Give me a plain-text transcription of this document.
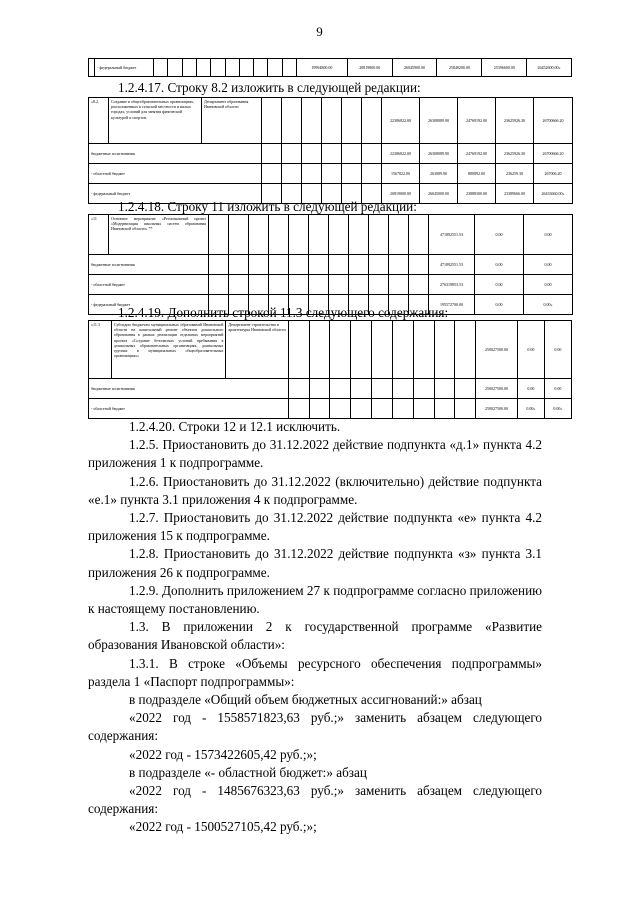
9
	- федеральный бюджет											19994800.00	20819800.00	26045900.00	25848200.00	25396600.00	26452600.00»
1.2.4.17. Строку 8.2 изложить в следующей редакции:
«8.2.	Создание в общеобразовательных организациях, расположенных в сельской местности и малых городах, условий для занятия физической культурой и спортом	Департамент образования Ивановской области							22386822.00	26308089.90	24769192.00	23625926.30	26700666.20
бюджетные ассигнования									22386822.00	26308089.90	24769192.00	23625926.30	26700666.20
- областной бюджет									1567822.00	263089.90	880892.00	236259.30	267006.20
- федеральный бюджет									20819000.00	26045000.00	23888300.00	23389666.00	26433660.00»
1.2.4.18. Строку 11 изложить в следующей редакции:
«11	Основное мероприятие «Региональный проект «Модернизация школьных систем образования Ивановской области» **												471892551.53	0.00	0.00
бюджетные ассигнования													471892551.53	0.00	0.00
- областной бюджет													276319853.53	0.00	0.00
- федеральный бюджет													195572700.00	0.00	0.00»
1.2.4.19. Дополнить строкой 11.3 следующего содержания:
«11.3	Субсидии бюджетам муниципальных образований Ивановской области на капитальный ремонт объектов дошкольного образования в рамках реализации отдельных мероприятий проекта «Создание безопасных условий пребывания в дошкольных образовательных организациях, дошкольных группах в муниципальных общеобразовательных организациях»	Департамент строительства и архитектуры Ивановской области										250027500.00	0.00	0.00
бюджетные ассигнования												250027500.00	0.00	0.00
- областной бюджет												250027500.00	0.00»	0.00»

1.2.4.20. Строки 12 и 12.1 исключить.

1.2.5. Приостановить до 31.12.2022 действие подпункта «д.1» пункта 4.2 приложения 1 к подпрограмме.

1.2.6. Приостановить до 31.12.2022 (включительно) действие подпункта «е.1» пункта 3.1 приложения 4 к подпрограмме.

1.2.7. Приостановить до 31.12.2022 действие подпункта «е» пункта 4.2 приложения 15 к подпрограмме.

1.2.8. Приостановить до 31.12.2022 действие подпункта «з» пункта 3.1 приложения 26 к подпрограмме.

1.2.9. Дополнить приложением 27 к подпрограмме согласно приложению к настоящему постановлению.

1.3. В приложении 2 к государственной программе «Развитие образования Ивановской области»:

1.3.1. В строке «Объемы ресурсного обеспечения подпрограммы» раздела 1 «Паспорт подпрограммы»:

в подразделе «Общий объем бюджетных ассигнований:» абзац

«2022 год - 1558571823,63 руб.;» заменить абзацем следующего содержания:

«2022 год - 1573422605,42 руб.;»;

в подразделе «- областной бюджет:» абзац

«2022 год - 1485676323,63 руб.;» заменить абзацем следующего содержания:

«2022 год - 1500527105,42 руб.;»;
